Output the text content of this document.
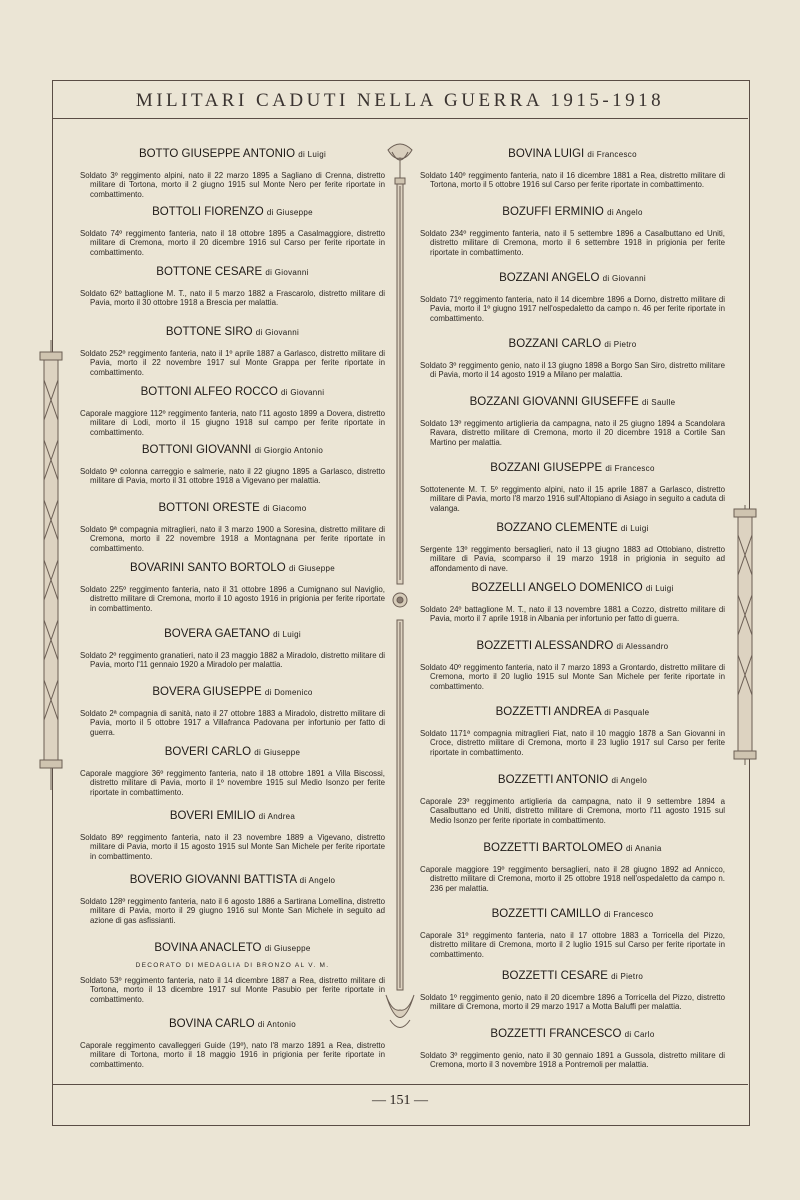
MILITARI CADUTI NELLA GUERRA 1915-1918
BOTTO GIUSEPPE ANTONIO di Luigi
Soldato 3º reggimento alpini, nato il 22 marzo 1895 a Sagliano di Crenna, distretto militare di Tortona, morto il 2 giugno 1915 sul Monte Nero per ferite riportate in combattimento.
BOTTOLI FIORENZO di Giuseppe
Soldato 74º reggimento fanteria, nato il 18 ottobre 1895 a Casalmaggiore, distretto militare di Cremona, morto il 20 dicembre 1916 sul Carso per ferite riportate in combattimento.
BOTTONE CESARE di Giovanni
Soldato 62º battaglione M. T., nato il 5 marzo 1882 a Frascarolo, distretto militare di Pavia, morto il 30 ottobre 1918 a Brescia per malattia.
BOTTONE SIRO di Giovanni
Soldato 252º reggimento fanteria, nato il 1º aprile 1887 a Garlasco, distretto militare di Pavia, morto il 22 novembre 1917 sul Monte Grappa per ferite riportate in combattimento.
BOTTONI ALFEO ROCCO di Giovanni
Caporale maggiore 112º reggimento fanteria, nato l'11 agosto 1899 a Dovera, distretto militare di Lodi, morto il 15 giugno 1918 sul campo per ferite riportate in combattimento.
BOTTONI GIOVANNI di Giorgio Antonio
Soldato 9ª colonna carreggio e salmerie, nato il 22 giugno 1895 a Garlasco, distretto militare di Pavia, morto il 31 ottobre 1918 a Vigevano per malattia.
BOTTONI ORESTE di Giacomo
Soldato 9ª compagnia mitraglieri, nato il 3 marzo 1900 a Soresina, distretto militare di Cremona, morto il 22 novembre 1918 a Montagnana per ferite riportate in combattimento.
BOVARINI SANTO BORTOLO di Giuseppe
Soldato 225º reggimento fanteria, nato il 31 ottobre 1896 a Cumignano sul Naviglio, distretto militare di Cremona, morto il 10 agosto 1916 in prigionia per ferite riportate in combattimento.
BOVERA GAETANO di Luigi
Soldato 2º reggimento granatieri, nato il 23 maggio 1882 a Miradolo, distretto militare di Pavia, morto l'11 gennaio 1920 a Miradolo per malattia.
BOVERA GIUSEPPE di Domenico
Soldato 2ª compagnia di sanità, nato il 27 ottobre 1883 a Miradolo, distretto militare di Pavia, morto il 5 ottobre 1917 a Villafranca Padovana per infortunio per fatto di guerra.
BOVERI CARLO di Giuseppe
Caporale maggiore 36º reggimento fanteria, nato il 18 ottobre 1891 a Villa Biscossi, distretto militare di Pavia, morto il 1º novembre 1915 sul Medio Isonzo per ferite riportate in combattimento.
BOVERI EMILIO di Andrea
Soldato 89º reggimento fanteria, nato il 23 novembre 1889 a Vigevano, distretto militare di Pavia, morto il 15 agosto 1915 sul Monte San Michele per ferite riportate in combattimento.
BOVERIO GIOVANNI BATTISTA di Angelo
Soldato 128º reggimento fanteria, nato il 6 agosto 1886 a Sartirana Lomellina, distretto militare di Pavia, morto il 29 giugno 1916 sul Monte San Michele in seguito ad azione di gas asfissianti.
BOVINA ANACLETO di Giuseppe
DECORATO DI MEDAGLIA DI BRONZO AL V. M.
Soldato 53º reggimento fanteria, nato il 14 dicembre 1887 a Rea, distretto militare di Tortona, morto il 13 dicembre 1917 sul Monte Pasubio per ferite riportate in combattimento.
BOVINA CARLO di Antonio
Caporale reggimento cavalleggeri Guide (19º), nato l'8 marzo 1891 a Rea, distretto militare di Tortona, morto il 18 maggio 1916 in prigionia per ferite riportate in combattimento.
BOVINA LUIGI di Francesco
Soldato 140º reggimento fanteria, nato il 16 dicembre 1881 a Rea, distretto militare di Tortona, morto il 5 ottobre 1916 sul Carso per ferite riportate in combattimento.
BOZUFFI ERMINIO di Angelo
Soldato 234º reggimento fanteria, nato il 5 settembre 1896 a Casalbuttano ed Uniti, distretto militare di Cremona, morto il 6 settembre 1918 in prigionia per ferite riportate in combattimento.
BOZZANI ANGELO di Giovanni
Soldato 71º reggimento fanteria, nato il 14 dicembre 1896 a Dorno, distretto militare di Pavia, morto il 1º giugno 1917 nell'ospedaletto da campo n. 46 per ferite riportate in combattimento.
BOZZANI CARLO di Pietro
Soldato 3º reggimento genio, nato il 13 giugno 1898 a Borgo San Siro, distretto militare di Pavia, morto il 14 agosto 1919 a Milano per malattia.
BOZZANI GIOVANNI GIUSEFFE di Saulle
Soldato 13º reggimento artiglieria da campagna, nato il 25 giugno 1894 a Scandolara Ravara, distretto militare di Cremona, morto il 20 dicembre 1918 a Cortile San Martino per malattia.
BOZZANI GIUSEPPE di Francesco
Sottotenente M. T. 5º reggimento alpini, nato il 15 aprile 1887 a Garlasco, distretto militare di Pavia, morto l'8 marzo 1916 sull'Altopiano di Asiago in seguito a caduta di valanga.
BOZZANO CLEMENTE di Luigi
Sergente 13º reggimento bersaglieri, nato il 13 giugno 1883 ad Ottobiano, distretto militare di Pavia, scomparso il 19 marzo 1918 in prigionia in seguito ad affondamento di nave.
BOZZELLI ANGELO DOMENICO di Luigi
Soldato 24º battaglione M. T., nato il 13 novembre 1881 a Cozzo, distretto militare di Pavia, morto il 7 aprile 1918 in Albania per infortunio per fatto di guerra.
BOZZETTI ALESSANDRO di Alessandro
Soldato 40º reggimento fanteria, nato il 7 marzo 1893 a Grontardo, distretto militare di Cremona, morto il 20 luglio 1915 sul Monte San Michele per ferite riportate in combattimento.
BOZZETTI ANDREA di Pasquale
Soldato 1171ª compagnia mitraglieri Fiat, nato il 10 maggio 1878 a San Giovanni in Croce, distretto militare di Cremona, morto il 23 luglio 1917 sul Carso per ferite riportate in combattimento.
BOZZETTI ANTONIO di Angelo
Caporale 23º reggimento artiglieria da campagna, nato il 9 settembre 1894 a Casalbuttano ed Uniti, distretto militare di Cremona, morto l'11 agosto 1915 sul Medio Isonzo per ferite riportate in combattimento.
BOZZETTI BARTOLOMEO di Anania
Caporale maggiore 19º reggimento bersaglieri, nato il 28 giugno 1892 ad Annicco, distretto militare di Cremona, morto il 25 ottobre 1918 nell'ospedaletto da campo n. 236 per malattia.
BOZZETTI CAMILLO di Francesco
Caporale 31º reggimento fanteria, nato il 17 ottobre 1883 a Torricella del Pizzo, distretto militare di Cremona, morto il 2 luglio 1915 sul Carso per ferite riportate in combattimento.
BOZZETTI CESARE di Pietro
Soldato 1º reggimento genio, nato il 20 dicembre 1896 a Torricella del Pizzo, distretto militare di Cremona, morto il 29 marzo 1917 a Motta Baluffi per malattia.
BOZZETTI FRANCESCO di Carlo
Soldato 3º reggimento genio, nato il 30 gennaio 1891 a Gussola, distretto militare di Cremona, morto il 3 novembre 1918 a Pontremoli per malattia.
— 151 —
